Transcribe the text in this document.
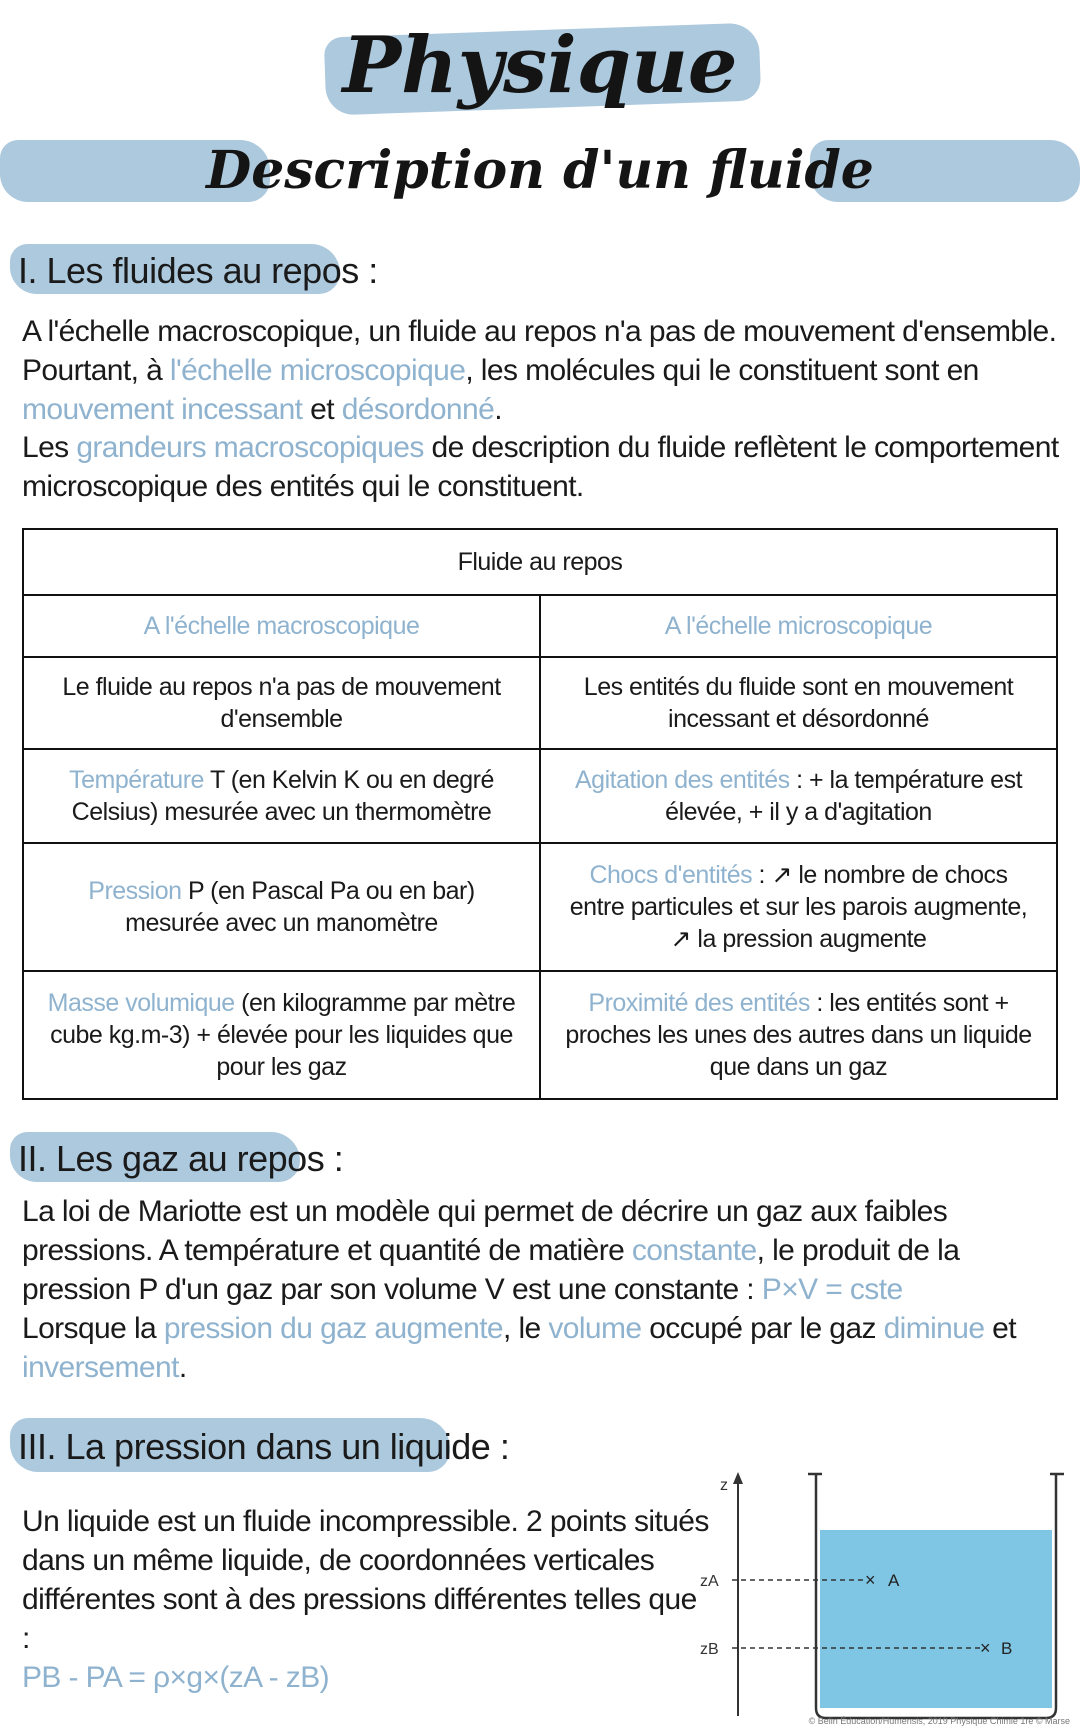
Physique
Description d'un fluide
I. Les fluides au repos :
A l'échelle macroscopique, un fluide au repos n'a pas de mouvement d'ensemble. Pourtant, à l'échelle microscopique, les molécules qui le constituent sont en mouvement incessant et désordonné.
Les grandeurs macroscopiques de description du fluide reflètent le comportement microscopique des entités qui le constituent.
Fluide au repos	
A l'échelle macroscopique	A l'échelle microscopique
Le fluide au repos n'a pas de mouvement d'ensemble	Les entités du fluide sont en mouvement incessant et désordonné
Température T (en Kelvin K ou en degré Celsius) mesurée avec un thermomètre	Agitation des entités : + la température est élevée, + il y a d'agitation
Pression P (en Pascal Pa ou en bar) mesurée avec un manomètre	Chocs d'entités : ↗ le nombre de chocs entre particules et sur les parois augmente, ↗ la pression augmente
Masse volumique (en kilogramme par mètre cube kg.m-3) + élevée pour les liquides que pour les gaz	Proximité des entités : les entités sont + proches les unes des autres dans un liquide que dans un gaz
II. Les gaz au repos :
La loi de Mariotte est un modèle qui permet de décrire un gaz aux faibles pressions. A température et quantité de matière constante, le produit de la pression P d'un gaz par son volume V est une constante : P×V = cste
Lorsque la pression du gaz augmente, le volume occupé par le gaz diminue et inversement.
III. La pression dans un liquide :
Un liquide est un fluide incompressible. 2 points situés dans un même liquide, de coordonnées verticales différentes sont à des pressions différentes telles que :
PB - PA = ρ×g×(zA - zB)
z
zA	× A
zB	× B
© Belin Éducation/Humensis, 2019 Physique Chimie 1re © Marse
